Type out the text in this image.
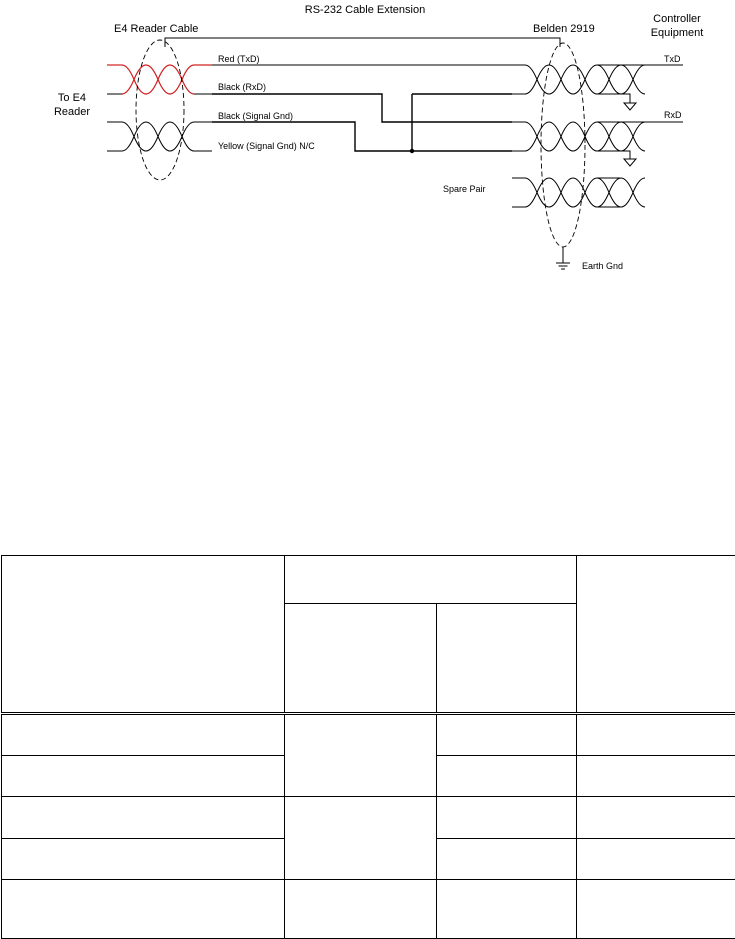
RS-232 Cable Extension
E4 Reader Cable	Belden 2919
Controller
Equipment
To E4
Reader
Red (TxD)
Black (RxD)
Black (Signal Gnd)
Yellow (Signal Gnd) N/C
Earth Gnd
TxD
RxD
Spare Pair
